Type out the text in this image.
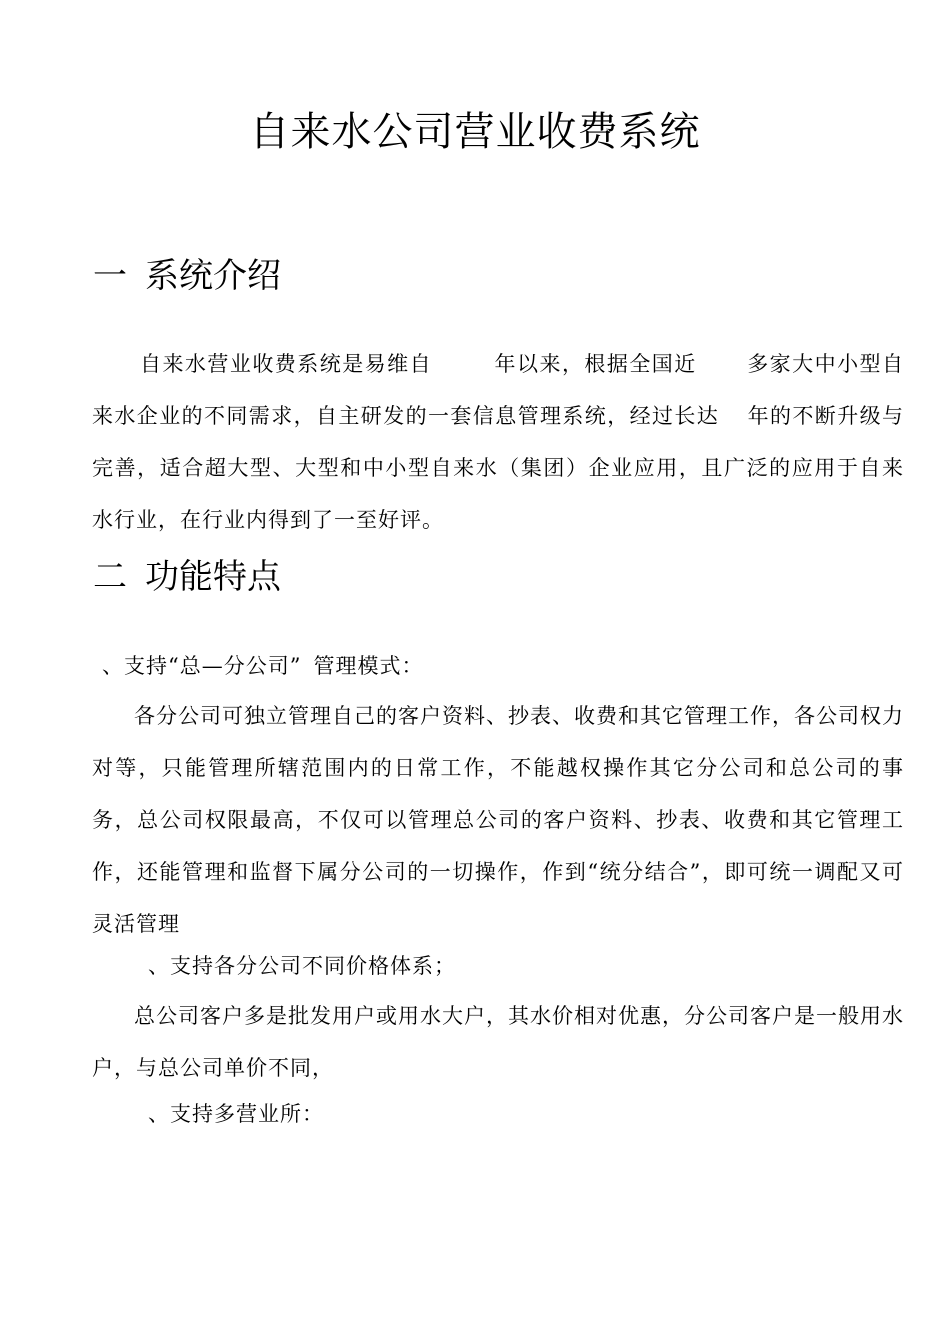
自来水公司营业收费系统
一 系统介绍
自来水营业收费系统是易维自	年以来，根据全国近 多家大中小型自来水企业的不同需求，自主研发的一套信息管理系统，经过长达 年的不断升级与完善，适合超大型、大型和中小型自来水（集团）企业应用，且广泛的应用于自来水行业，在行业内得到了一至好评。
二 功能特点
、支持“总—分公司” 管理模式：
各分公司可独立管理自己的客户资料、抄表、收费和其它管理工作，各公司权力对等，只能管理所辖范围内的日常工作，不能越权操作其它分公司和总公司的事务，总公司权限最高，不仅可以管理总公司的客户资料、抄表、收费和其它管理工作，还能管理和监督下属分公司的一切操作，作到“统分结合”，即可统一调配又可灵活管理
、支持各分公司不同价格体系；
总公司客户多是批发用户或用水大户，其水价相对优惠，分公司客户是一般用水户，与总公司单价不同，
、支持多营业所：
